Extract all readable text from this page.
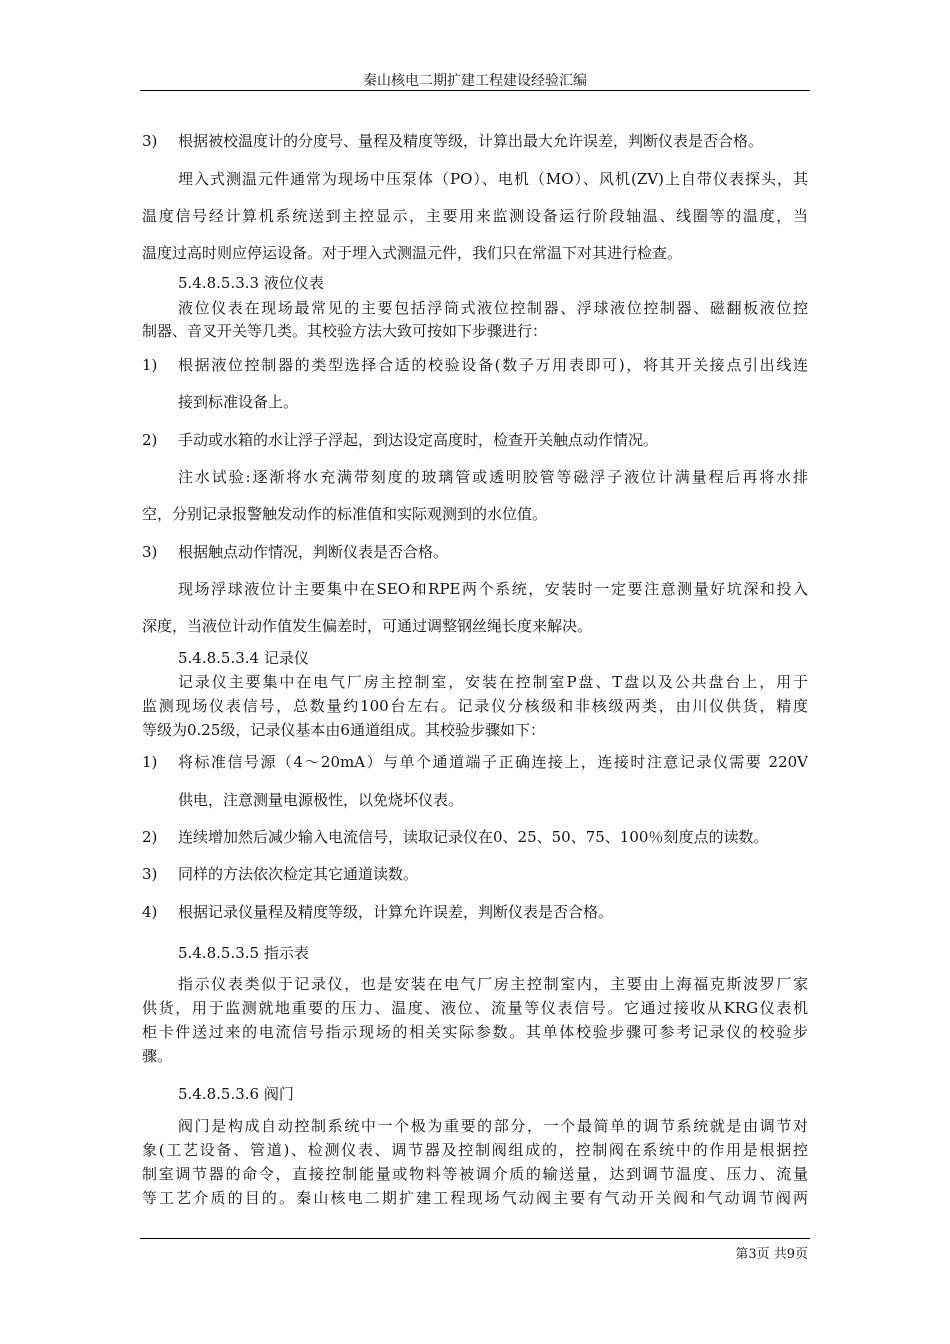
秦山核电二期扩建工程建设经验汇编
3) 根据被校温度计的分度号、量程及精度等级，计算出最大允许误差，判断仪表是否合格。
埋入式测温元件通常为现场中压泵体（PO）、电机（MO）、风机(ZV)上自带仪表探头，其
温度信号经计算机系统送到主控显示，主要用来监测设备运行阶段轴温、线圈等的温度，当
温度过高时则应停运设备。对于埋入式测温元件，我们只在常温下对其进行检查。
5.4.8.5.3.3 液位仪表
液位仪表在现场最常见的主要包括浮筒式液位控制器、浮球液位控制器、磁翻板液位控
制器、音叉开关等几类。其校验方法大致可按如下步骤进行：
1) 根据液位控制器的类型选择合适的校验设备(数子万用表即可)，将其开关接点引出线连
接到标准设备上。
2) 手动或水箱的水让浮子浮起，到达设定高度时，检查开关触点动作情况。
注水试验:逐渐将水充满带刻度的玻璃管或透明胶管等磁浮子液位计满量程后再将水排
空，分别记录报警触发动作的标准值和实际观测到的水位值。
3) 根据触点动作情况，判断仪表是否合格。
现场浮球液位计主要集中在SEO和RPE两个系统，安装时一定要注意测量好坑深和投入
深度，当液位计动作值发生偏差时，可通过调整钢丝绳长度来解决。
5.4.8.5.3.4 记录仪
记录仪主要集中在电气厂房主控制室，安装在控制室P盘、T盘以及公共盘台上，用于
监测现场仪表信号，总数量约100台左右。记录仪分核级和非核级两类，由川仪供货，精度
等级为0.25级，记录仪基本由6通道组成。其校验步骤如下：
1) 将标准信号源（4～20mA）与单个通道端子正确连接上，连接时注意记录仪需要 220V
供电，注意测量电源极性，以免烧坏仪表。
2) 连续增加然后减少输入电流信号，读取记录仪在0、25、50、75、100％刻度点的读数。
3) 同样的方法依次检定其它通道读数。
4) 根据记录仪量程及精度等级，计算允许误差，判断仪表是否合格。
5.4.8.5.3.5 指示表
指示仪表类似于记录仪，也是安装在电气厂房主控制室内，主要由上海福克斯波罗厂家
供货，用于监测就地重要的压力、温度、液位、流量等仪表信号。它通过接收从KRG仪表机
柜卡件送过来的电流信号指示现场的相关实际参数。其单体校验步骤可参考记录仪的校验步
骤。
5.4.8.5.3.6 阀门
阀门是构成自动控制系统中一个极为重要的部分，一个最简单的调节系统就是由调节对
象(工艺设备、管道)、检测仪表、调节器及控制阀组成的，控制阀在系统中的作用是根据控
制室调节器的命令，直接控制能量或物料等被调介质的输送量，达到调节温度、压力、流量
等工艺介质的目的。秦山核电二期扩建工程现场气动阀主要有气动开关阀和气动调节阀两
第3页 共9页
